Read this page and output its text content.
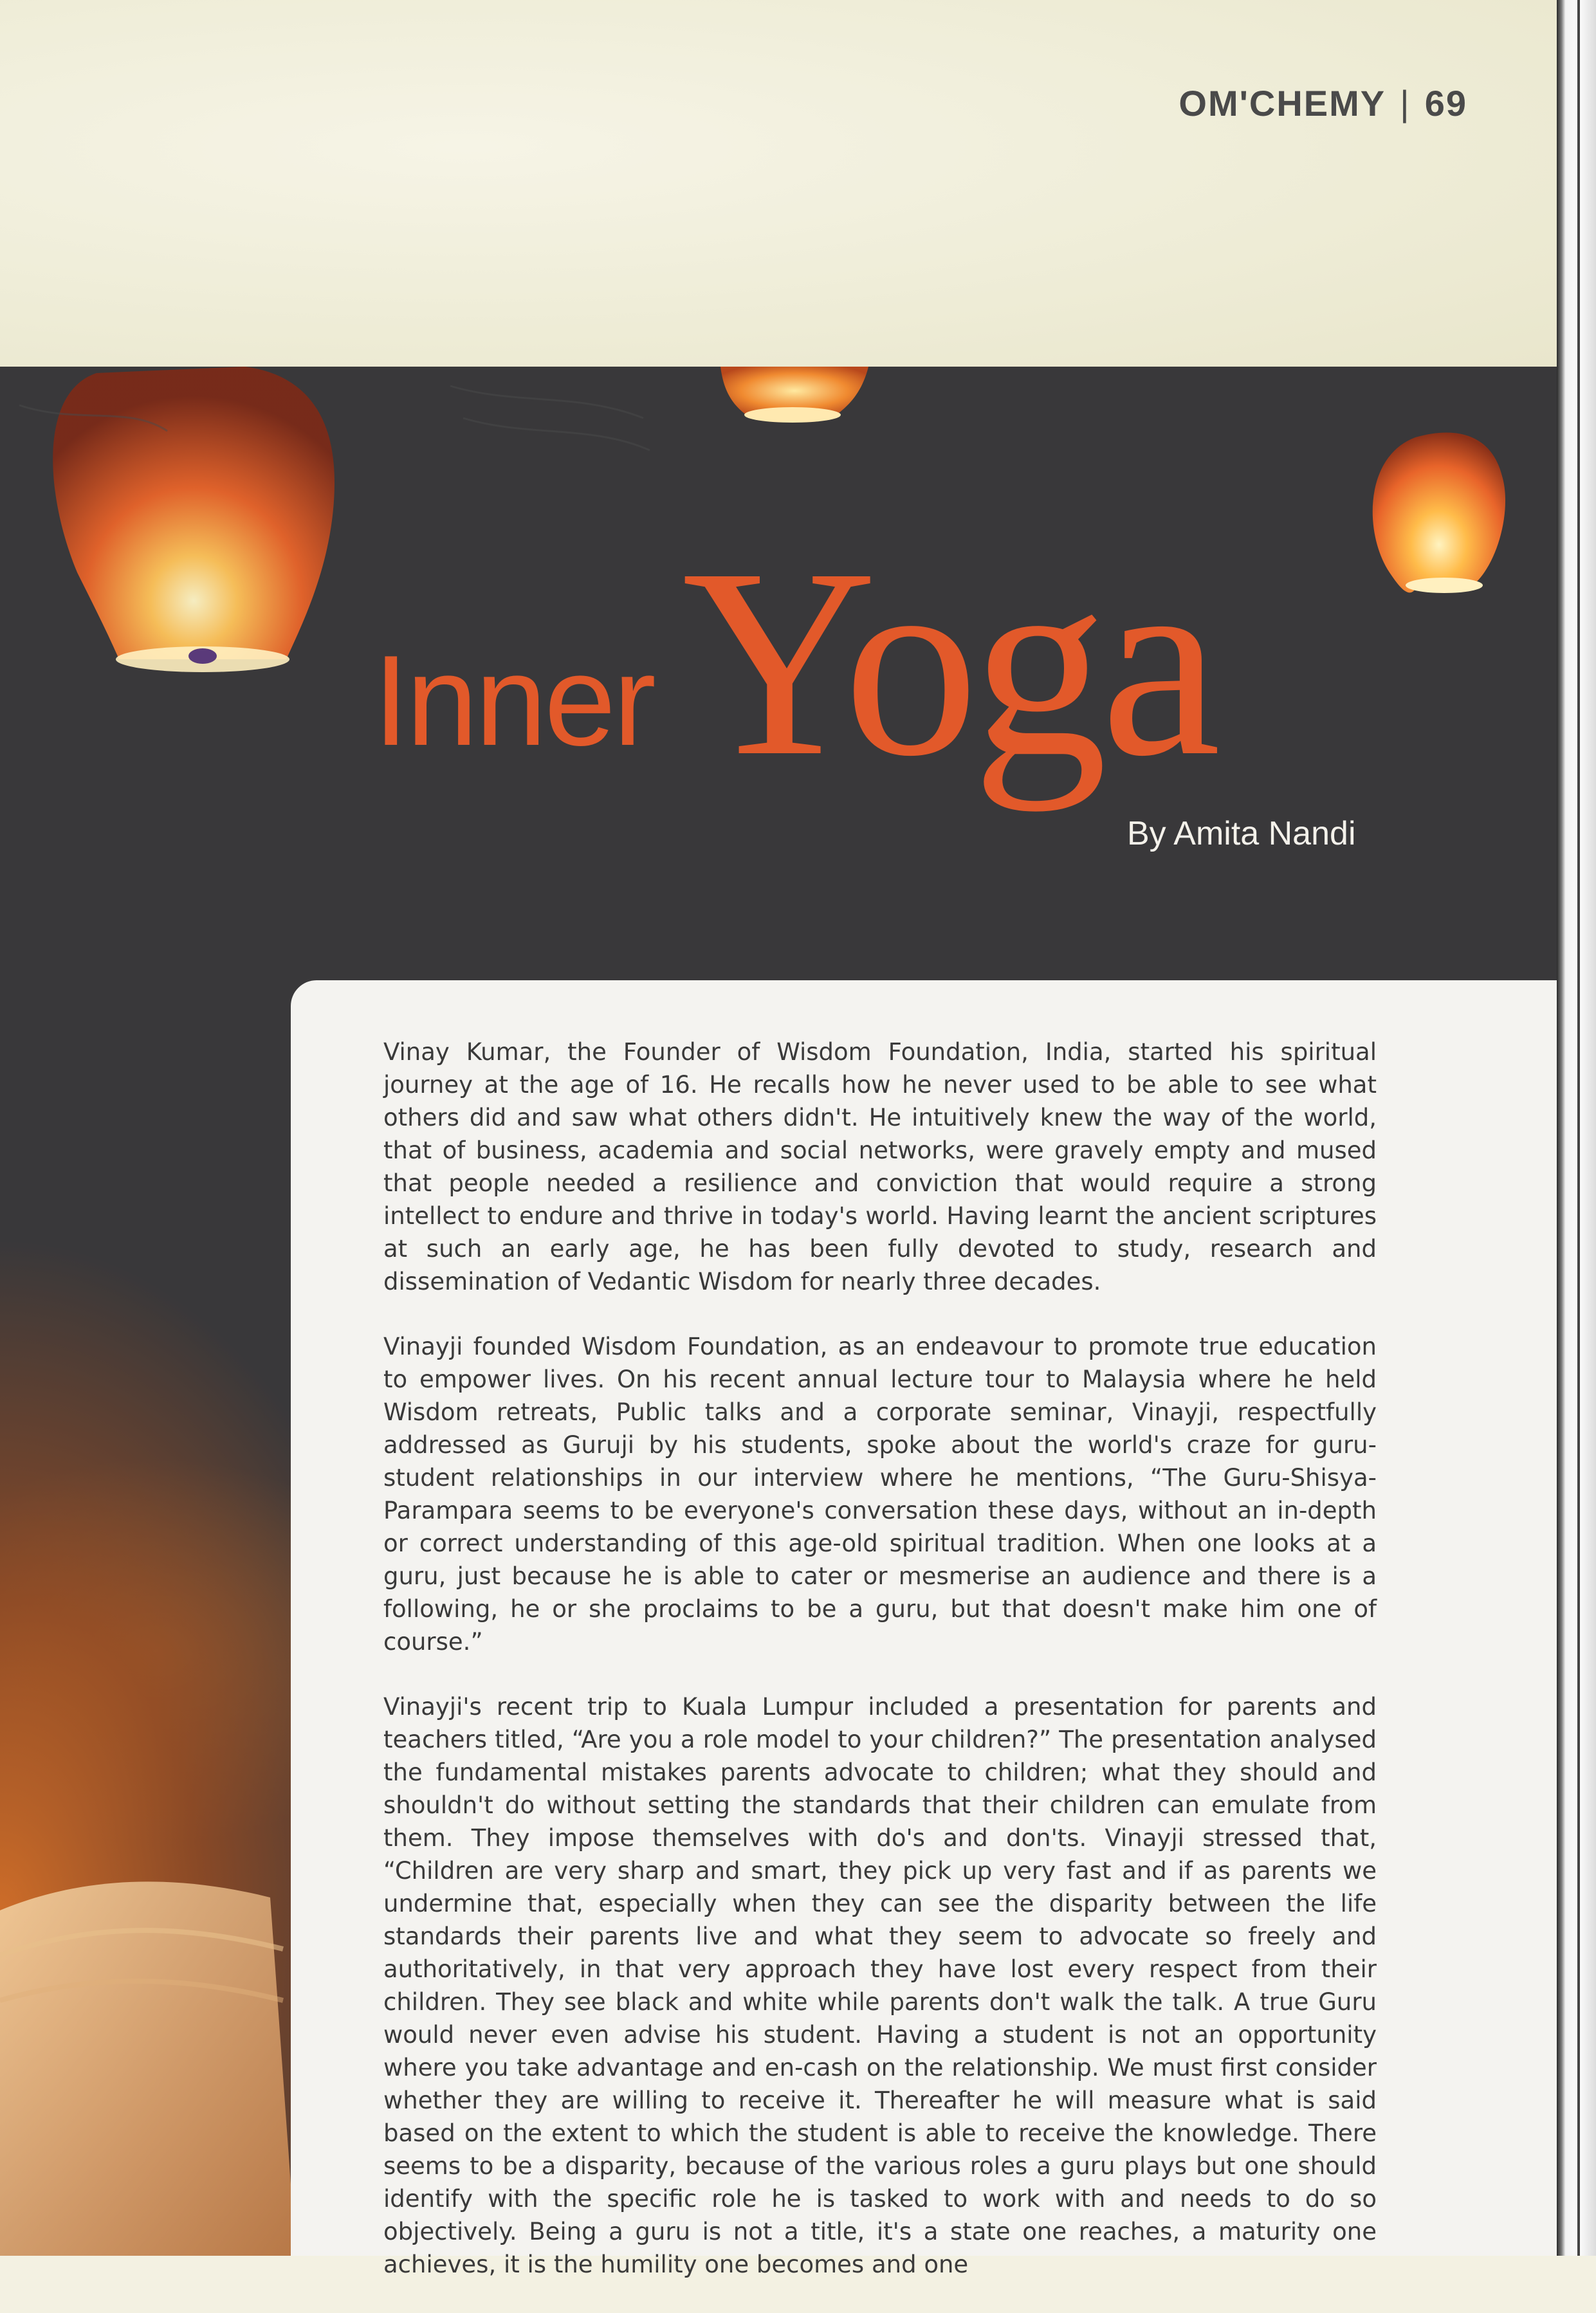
OM'CHEMY | 69
Inner Yoga
By Amita Nandi

Vinay Kumar, the Founder of Wisdom Foundation, India, started his spiritual journey at the age of 16. He recalls how he never used to be able to see what others did and saw what others didn't. He intuitively knew the way of the world, that of business, academia and social networks, were gravely empty and mused that people needed a resilience and conviction that would require a strong intellect to endure and thrive in today's world. Having learnt the ancient scriptures at such an early age, he has been fully devoted to study, research and dissemination of Vedantic Wisdom for nearly three decades.

Vinayji founded Wisdom Foundation, as an endeavour to promote true education to empower lives. On his recent annual lecture tour to Malaysia where he held Wisdom retreats, Public talks and a corporate seminar, Vinayji, respectfully addressed as Guruji by his students, spoke about the world's craze for guru-student relationships in our interview where he mentions, “The Guru-Shisya-Parampara seems to be everyone's conversation these days, without an in-depth or correct understanding of this age-old spiritual tradition. When one looks at a guru, just because he is able to cater or mesmerise an audience and there is a following, he or she proclaims to be a guru, but that doesn't make him one of course.”

Vinayji's recent trip to Kuala Lumpur included a presentation for parents and teachers titled, “Are you a role model to your children?” The presentation analysed the fundamental mistakes parents advocate to children; what they should and shouldn't do without setting the standards that their children can emulate from them. They impose themselves with do's and don'ts. Vinayji stressed that, “Children are very sharp and smart, they pick up very fast and if as parents we undermine that, especially when they can see the disparity between the life standards their parents live and what they seem to advocate so freely and authoritatively, in that very approach they have lost every respect from their children. They see black and white while parents don't walk the talk. A true Guru would never even advise his student. Having a student is not an opportunity where you take advantage and en-cash on the relationship. We must first consider whether they are willing to receive it. Thereafter he will measure what is said based on the extent to which the student is able to receive the knowledge. There seems to be a disparity, because of the various roles a guru plays but one should identify with the specific role he is tasked to work with and needs to do so objectively. Being a guru is not a title, it's a state one reaches, a maturity one achieves, it is the humility one becomes and one
